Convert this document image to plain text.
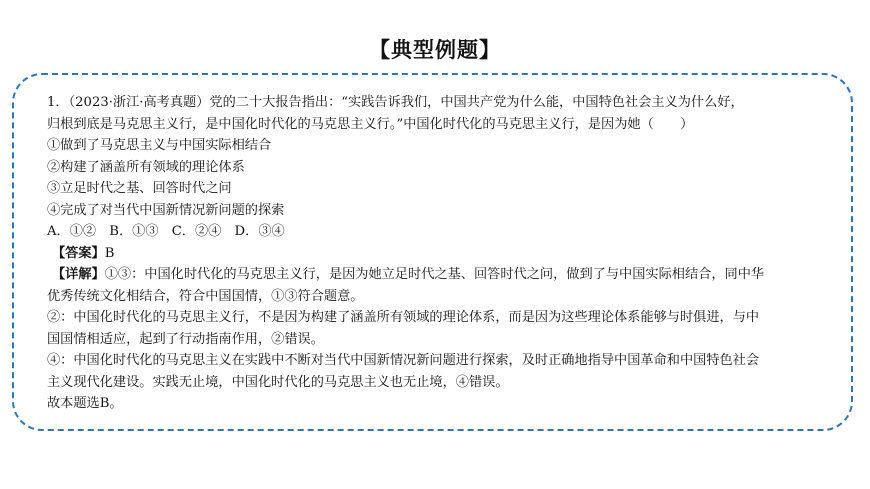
【典型例题】

1．（2023·浙江·高考真题）党的二十大报告指出：“实践告诉我们，中国共产党为什么能，中国特色社会主义为什么好，

归根到底是马克思主义行，是中国化时代化的马克思主义行。”中国化时代化的马克思主义行，是因为她（　　）

①做到了马克思主义与中国实际相结合

②构建了涵盖所有领域的理论体系

③立足时代之基、回答时代之问

④完成了对当代中国新情况新问题的探索

A．①②　B．①③　C．②④　D．③④

【答案】B

【详解】①③：中国化时代化的马克思主义行，是因为她立足时代之基、回答时代之问，做到了与中国实际相结合，同中华

优秀传统文化相结合，符合中国国情，①③符合题意。

②：中国化时代化的马克思主义行，不是因为构建了涵盖所有领域的理论体系，而是因为这些理论体系能够与时俱进，与中

国国情相适应，起到了行动指南作用，②错误。

④：中国化时代化的马克思主义在实践中不断对当代中国新情况新问题进行探索，及时正确地指导中国革命和中国特色社会

主义现代化建设。实践无止境，中国化时代化的马克思主义也无止境，④错误。

故本题选B。
